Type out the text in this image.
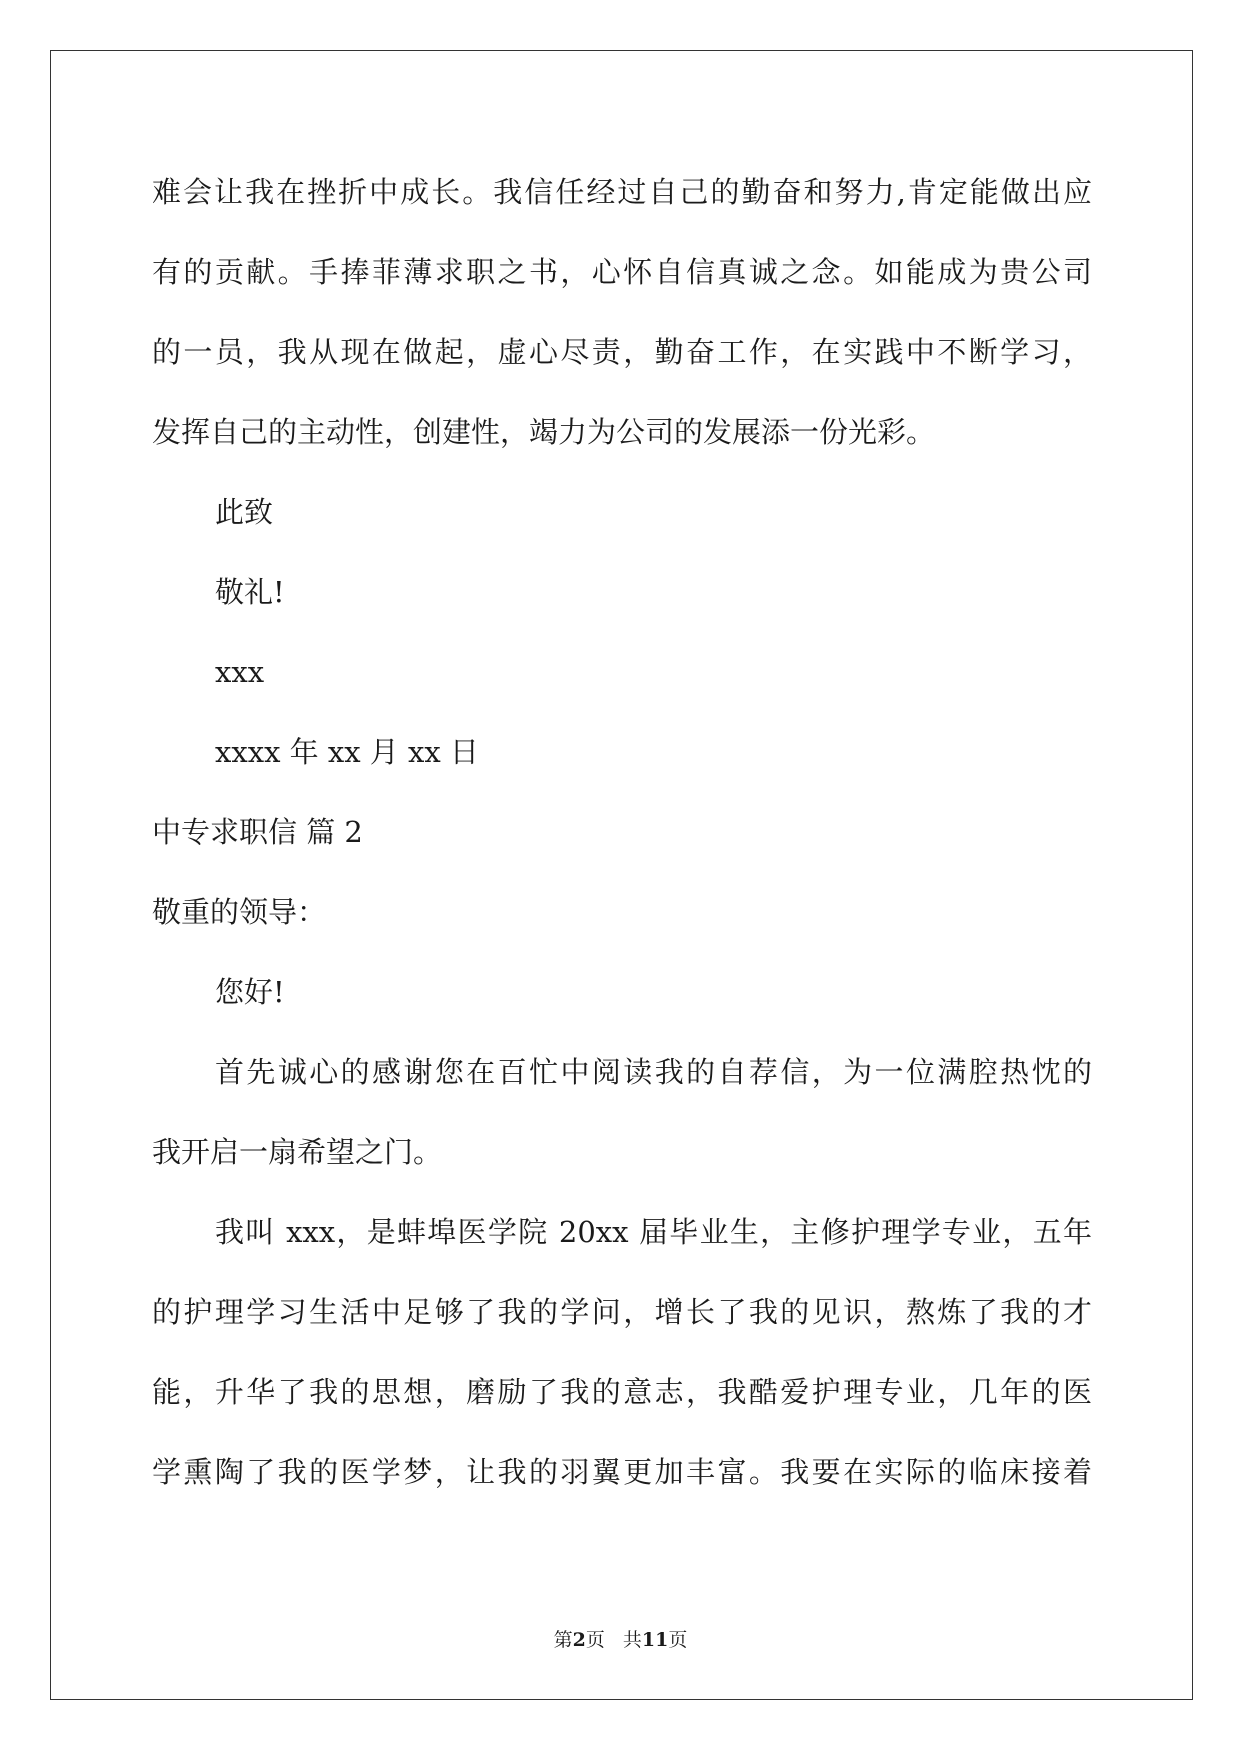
难会让我在挫折中成长。我信任经过自己的勤奋和努力,肯定能做出应
有的贡献。手捧菲薄求职之书，心怀自信真诚之念。如能成为贵公司
的一员，我从现在做起，虚心尽责，勤奋工作，在实践中不断学习，
发挥自己的主动性，创建性，竭力为公司的发展添一份光彩。
此致
敬礼!
xxx
xxxx 年 xx 月 xx 日
中专求职信 篇 2
敬重的领导：
您好!
首先诚心的感谢您在百忙中阅读我的自荐信，为一位满腔热忱的
我开启一扇希望之门。
我叫 xxx，是蚌埠医学院 20xx 届毕业生，主修护理学专业，五年
的护理学习生活中足够了我的学问，增长了我的见识，熬炼了我的才
能，升华了我的思想，磨励了我的意志，我酷爱护理专业，几年的医
学熏陶了我的医学梦，让我的羽翼更加丰富。我要在实际的临床接着
第2页 共11页
